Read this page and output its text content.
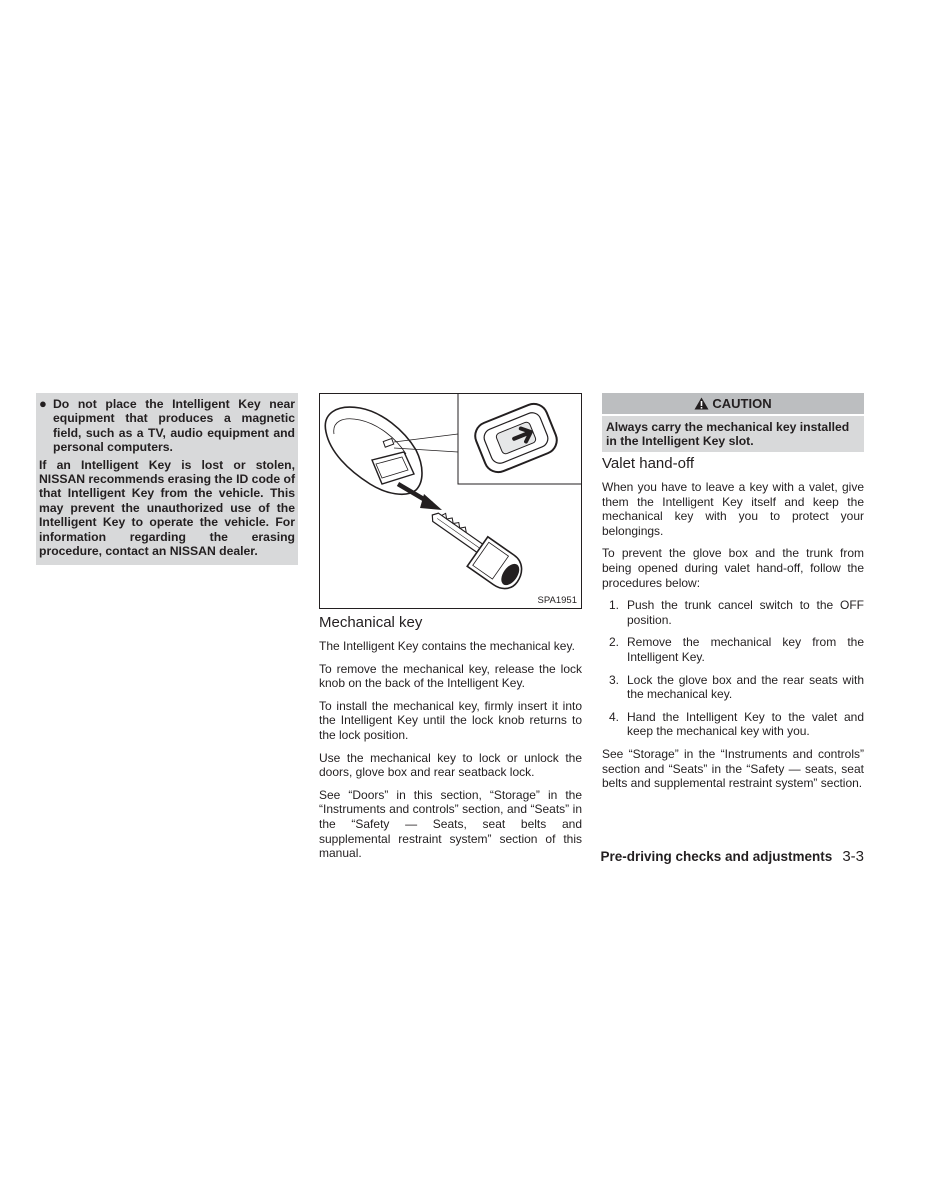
● Do not place the Intelligent Key near equipment that produces a magnetic field, such as a TV, audio equipment and personal computers.
If an Intelligent Key is lost or stolen, NISSAN recommends erasing the ID code of that Intelligent Key from the vehicle. This may prevent the unauthorized use of the Intelligent Key to operate the vehicle. For information regarding the erasing procedure, contact an NISSAN dealer.
SPA1951
Mechanical key

The Intelligent Key contains the mechanical key.

To remove the mechanical key, release the lock knob on the back of the Intelligent Key.

To install the mechanical key, firmly insert it into the Intelligent Key until the lock knob returns to the lock position.

Use the mechanical key to lock or unlock the doors, glove box and rear seatback lock.

See “Doors” in this section, “Storage” in the “Instruments and controls” section, and “Seats” in the “Safety — Seats, seat belts and supplemental restraint system” section of this manual.

CAUTION
Always carry the mechanical key installed in the Intelligent Key slot.
Valet hand-off

When you have to leave a key with a valet, give them the Intelligent Key itself and keep the mechanical key with you to protect your belongings.

To prevent the glove box and the trunk from being opened during valet hand-off, follow the procedures below:

1. Push the trunk cancel switch to the OFF position.
2. Remove the mechanical key from the Intelligent Key.
3. Lock the glove box and the rear seats with the mechanical key.
4. Hand the Intelligent Key to the valet and keep the mechanical key with you.

See “Storage” in the “Instruments and controls” section and “Seats” in the “Safety — seats, seat belts and supplemental restraint system” section.

Pre-driving checks and adjustments 3-3
